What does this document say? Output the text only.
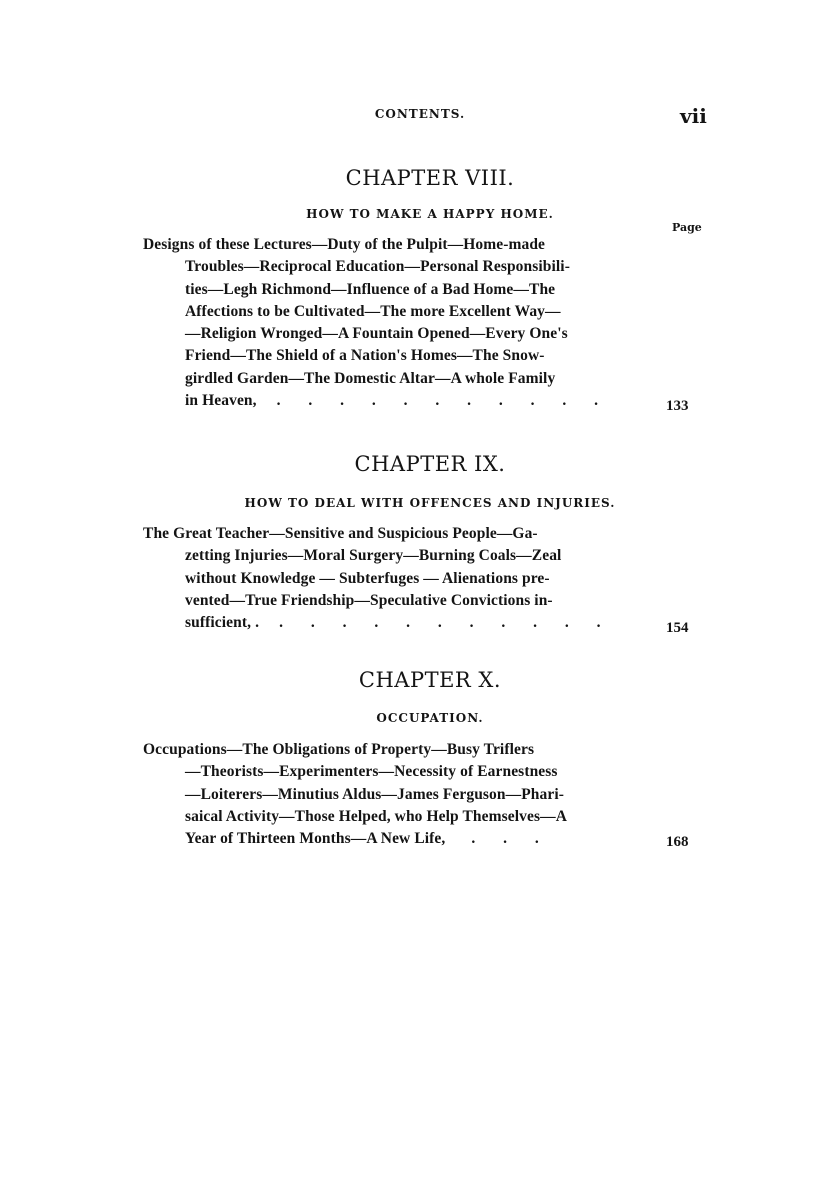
CONTENTS.	vii
CHAPTER VIII.
HOW TO MAKE A HAPPY HOME.
Page
Designs of these Lectures—Duty of the Pulpit—Home-made
Troubles—Reciprocal Education—Personal Responsibili-
ties—Legh Richmond—Influence of a Bad Home—The
Affections to be Cultivated—The more Excellent Way—
—Religion Wronged—A Fountain Opened—Every One's
Friend—The Shield of a Nation's Homes—The Snow-
girdled Garden—The Domestic Altar—A whole Family
in Heaven, . . . . . . . . . . .	133
CHAPTER IX.
HOW TO DEAL WITH OFFENCES AND INJURIES.
The Great Teacher—Sensitive and Suspicious People—Ga-
zetting Injuries—Moral Surgery—Burning Coals—Zeal
without Knowledge — Subterfuges — Alienations pre-
vented—True Friendship—Speculative Convictions in-
sufficient, . . . . . . . . . . . .	154
CHAPTER X.
OCCUPATION.
Occupations—The Obligations of Property—Busy Triflers
—Theorists—Experimenters—Necessity of Earnestness
—Loiterers—Minutius Aldus—James Ferguson—Phari-
saical Activity—Those Helped, who Help Themselves—A
Year of Thirteen Months—A New Life, . . .	168
